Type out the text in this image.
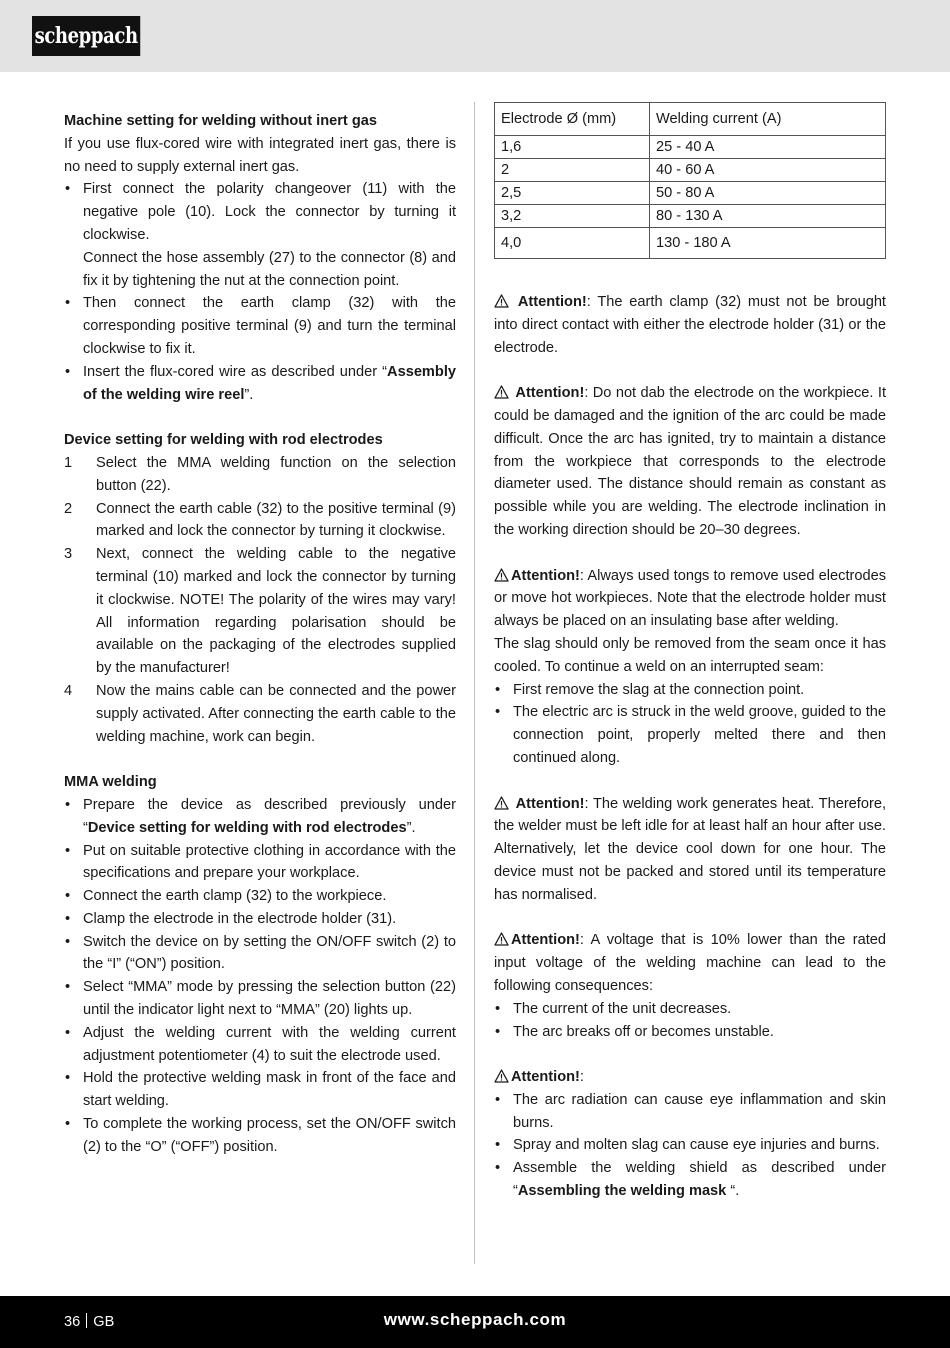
scheppach

Machine setting for welding without inert gas

If you use flux-cored wire with integrated inert gas, there is no need to supply external inert gas.

• First connect the polarity changeover (11) with the negative pole (10). Lock the connector by turning it clockwise.
Connect the hose assembly (27) to the connector (8) and fix it by tightening the nut at the connection point.
• Then connect the earth clamp (32) with the corresponding positive terminal (9) and turn the terminal clockwise to fix it.
• Insert the flux-cored wire as described under “Assembly of the welding wire reel”.

Device setting for welding with rod electrodes

1 Select the MMA welding function on the selection button (22).
2 Connect the earth cable (32) to the positive terminal (9) marked and lock the connector by turning it clockwise.
3 Next, connect the welding cable to the negative terminal (10) marked and lock the connector by turning it clockwise. NOTE! The polarity of the wires may vary! All information regarding polarisation should be available on the packaging of the electrodes supplied by the manufacturer!
4 Now the mains cable can be connected and the power supply activated. After connecting the earth cable to the welding machine, work can begin.

MMA welding

• Prepare the device as described previously under “Device setting for welding with rod electrodes”.
• Put on suitable protective clothing in accordance with the specifications and prepare your workplace.
• Connect the earth clamp (32) to the workpiece.
• Clamp the electrode in the electrode holder (31).
• Switch the device on by setting the ON/OFF switch (2) to the “I” (“ON”) position.
• Select “MMA” mode by pressing the selection button (22) until the indicator light next to “MMA” (20) lights up.
• Adjust the welding current with the welding current adjustment potentiometer (4) to suit the electrode used.
• Hold the protective welding mask in front of the face and start welding.
• To complete the working process, set the ON/OFF switch (2) to the “O” (“OFF”) position.
Electrode Ø (mm)	Welding current (A)
1,6	25 - 40 A
2	40 - 60 A
2,5	50 - 80 A
3,2	80 - 130 A
4,0	130 - 180 A

Attention!: The earth clamp (32) must not be brought into direct contact with either the electrode holder (31) or the electrode.

Attention!: Do not dab the electrode on the workpiece. It could be damaged and the ignition of the arc could be made difficult. Once the arc has ignited, try to maintain a distance from the workpiece that corresponds to the electrode diameter used. The distance should remain as constant as possible while you are welding. The electrode inclination in the working direction should be 20–30 degrees.

Attention!: Always used tongs to remove used electrodes or move hot workpieces. Note that the electrode holder must always be placed on an insulating base after welding.

The slag should only be removed from the seam once it has cooled. To continue a weld on an interrupted seam:

• First remove the slag at the connection point.
• The electric arc is struck in the weld groove, guided to the connection point, properly melted there and then continued along.

Attention!: The welding work generates heat. Therefore, the welder must be left idle for at least half an hour after use. Alternatively, let the device cool down for one hour. The device must not be packed and stored until its temperature has normalised.

Attention!: A voltage that is 10% lower than the rated input voltage of the welding machine can lead to the following consequences:

• The current of the unit decreases.
• The arc breaks off or becomes unstable.

Attention!:

• The arc radiation can cause eye inflammation and skin burns.
• Spray and molten slag can cause eye injuries and burns.
• Assemble the welding shield as described under “Assembling the welding mask “.
36 GB	www.scheppach.com
